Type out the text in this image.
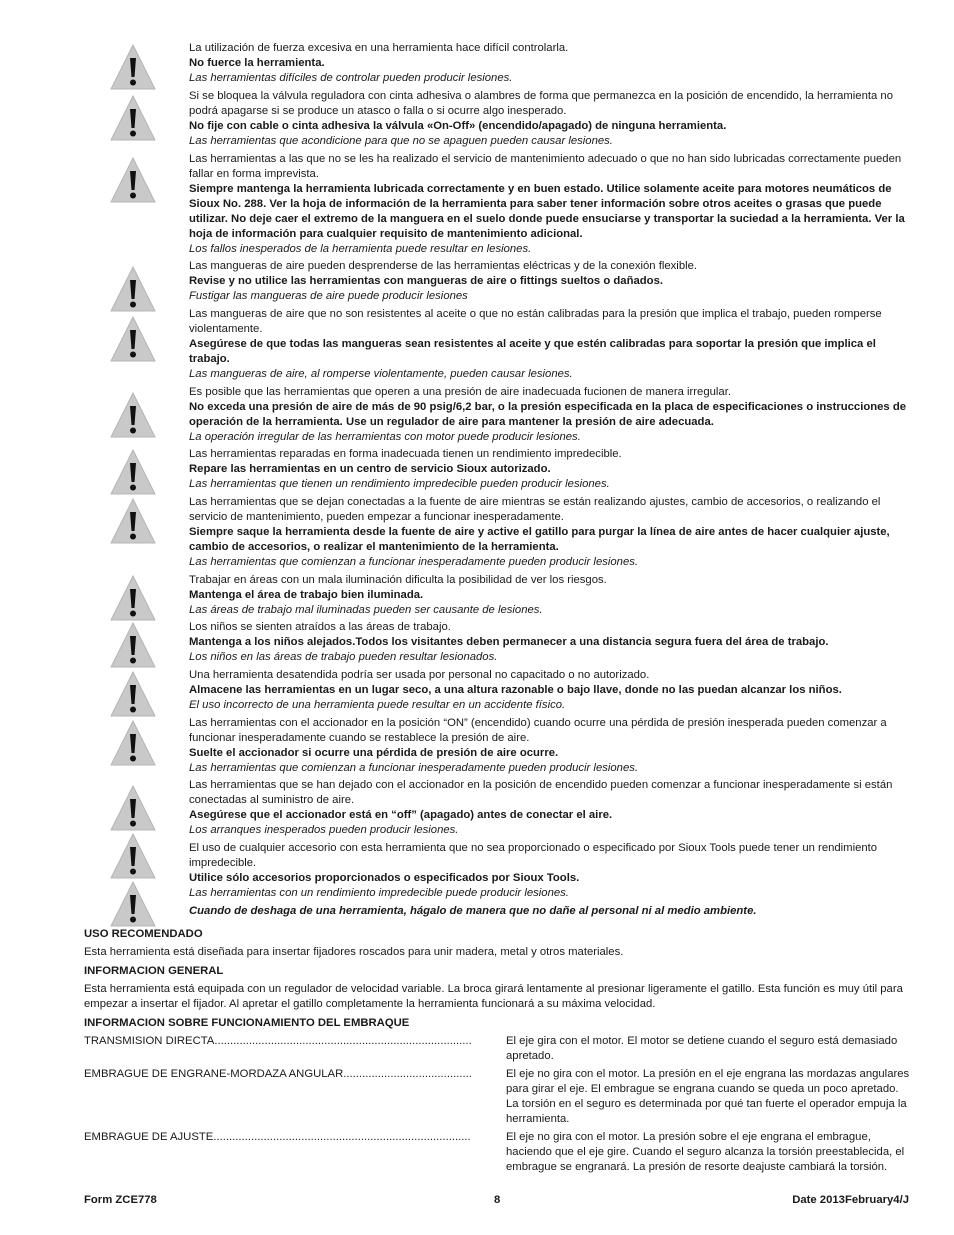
La utilización de fuerza excesiva en una herramienta hace difícil controlarla.

No fuerce la herramienta.

Las herramientas difíciles de controlar pueden producir lesiones.

Si se bloquea la válvula reguladora con cinta adhesiva o alambres de forma que permanezca en la posición de encendido, la herramienta no podrá apagarse si se produce un atasco o falla o si ocurre algo inesperado.

No fije con cable o cinta adhesiva la válvula «On-Off» (encendido/apagado) de ninguna herramienta.

Las herramientas que acondicione para que no se apaguen pueden causar lesiones.

Las herramientas a las que no se les ha realizado el servicio de mantenimiento adecuado o que no han sido lubricadas correctamente pueden fallar en forma imprevista.

Siempre mantenga la herramienta lubricada correctamente y en buen estado. Utilice solamente aceite para motores neumáticos de Sioux No. 288. Ver la hoja de información de la herramienta para saber tener información sobre otros aceites o grasas que puede utilizar. No deje caer el extremo de la manguera en el suelo donde puede ensuciarse y transportar la suciedad a la herramienta. Ver la hoja de información para cualquier requisito de mantenimiento adicional.

Los fallos inesperados de la herramienta puede resultar en lesiones.

Las mangueras de aire pueden desprenderse de las herramientas eléctricas y de la conexión flexible.

Revise y no utilice las herramientas con mangueras de aire o fittings sueltos o dañados.

Fustigar las mangueras de aire puede producir lesiones

Las mangueras de aire que no son resistentes al aceite o que no están calibradas para la presión que implica el trabajo, pueden romperse violentamente.

Asegúrese de que todas las mangueras sean resistentes al aceite y que estén calibradas para soportar la presión que implica el trabajo.

Las mangueras de aire, al romperse violentamente, pueden causar lesiones.

Es posible que las herramientas que operen a una presión de aire inadecuada fucionen de manera irregular.

No exceda una presión de aire de más de 90 psig/6,2 bar, o la presión especificada en la placa de especificaciones o instrucciones de operación de la herramienta. Use un regulador de aire para mantener la presión de aire adecuada.

La operación irregular de las herramientas con motor puede producir lesiones.

Las herramientas reparadas en forma inadecuada tienen un rendimiento impredecible.

Repare las herramientas en un centro de servicio Sioux autorizado.

Las herramientas que tienen un rendimiento impredecible pueden producir lesiones.

Las herramientas que se dejan conectadas a la fuente de aire mientras se están realizando ajustes, cambio de accesorios, o realizando el servicio de mantenimiento, pueden empezar a funcionar inesperadamente.

Siempre saque la herramienta desde la fuente de aire y active el gatillo para purgar la línea de aire antes de hacer cualquier ajuste, cambio de accesorios, o realizar el mantenimiento de la herramienta.

Las herramientas que comienzan a funcionar inesperadamente pueden producir lesiones.

Trabajar en áreas con un mala iluminación dificulta la posibilidad de ver los riesgos.

Mantenga el área de trabajo bien iluminada.

Las áreas de trabajo mal iluminadas pueden ser causante de lesiones.

Los niños se sienten atraídos a las áreas de trabajo.

Mantenga a los niños alejados.Todos los visitantes deben permanecer a una distancia segura fuera del área de trabajo.

Los niños en las áreas de trabajo pueden resultar lesionados.

Una herramienta desatendida podría ser usada por personal no capacitado o no autorizado.

Almacene las herramientas en un lugar seco, a una altura razonable o bajo llave, donde no las puedan alcanzar los niños.

El uso incorrecto de una herramienta puede resultar en un accidente físico.

Las herramientas con el accionador en la posición “ON” (encendido) cuando ocurre una pérdida de presión inesperada pueden comenzar a funcionar inesperadamente cuando se restablece la presión de aire.

Suelte el accionador si ocurre una pérdida de presión de aire ocurre.

Las herramientas que comienzan a funcionar inesperadamente pueden producir lesiones.

Las herramientas que se han dejado con el accionador en la posición de encendido pueden comenzar a funcionar inesperadamente si están conectadas al suministro de aire.

Asegúrese que el accionador está en “off” (apagado) antes de conectar el aire.

Los arranques inesperados pueden producir lesiones.

El uso de cualquier accesorio con esta herramienta que no sea proporcionado o especificado por Sioux Tools puede tener un rendimiento impredecible.

Utilice sólo accesorios proporcionados o especificados por Sioux Tools.

Las herramientas con un rendimiento impredecible puede producir lesiones.

Cuando de deshaga de una herramienta, hágalo de manera que no dañe al personal ni al medio ambiente.
USO RECOMENDADO
Esta herramienta está diseñada para insertar fijadores roscados para unir madera, metal y otros materiales.
INFORMACION GENERAL
Esta herramienta está equipada con un regulador de velocidad variable. La broca girará lentamente al presionar ligeramente el gatillo. Esta función es muy útil para empezar a insertar el fijador. Al apretar el gatillo completamente la herramienta funcionará a su máxima velocidad.
INFORMACION SOBRE FUNCIONAMIENTO DEL EMBRAQUE
TRANSMISION DIRECTA..................................................................................	El eje gira con el motor. El motor se detiene cuando el seguro está demasiado apretado.
EMBRAGUE DE ENGRANE-MORDAZA ANGULAR.........................................	El eje no gira con el motor. La presión en el eje engrana las mordazas angulares para girar el eje. El embrague se engrana cuando se queda un poco apretado. La torsión en el seguro es determinada por qué tan fuerte el operador empuja la herramienta.
EMBRAGUE DE AJUSTE..................................................................................	El eje no gira con el motor. La presión sobre el eje engrana el embrague, haciendo que el eje gire. Cuando el seguro alcanza la torsión preestablecida, el embrague se engranará. La presión de resorte deajuste cambiará la torsión.
Form ZCE778	8	Date 2013February4/J
